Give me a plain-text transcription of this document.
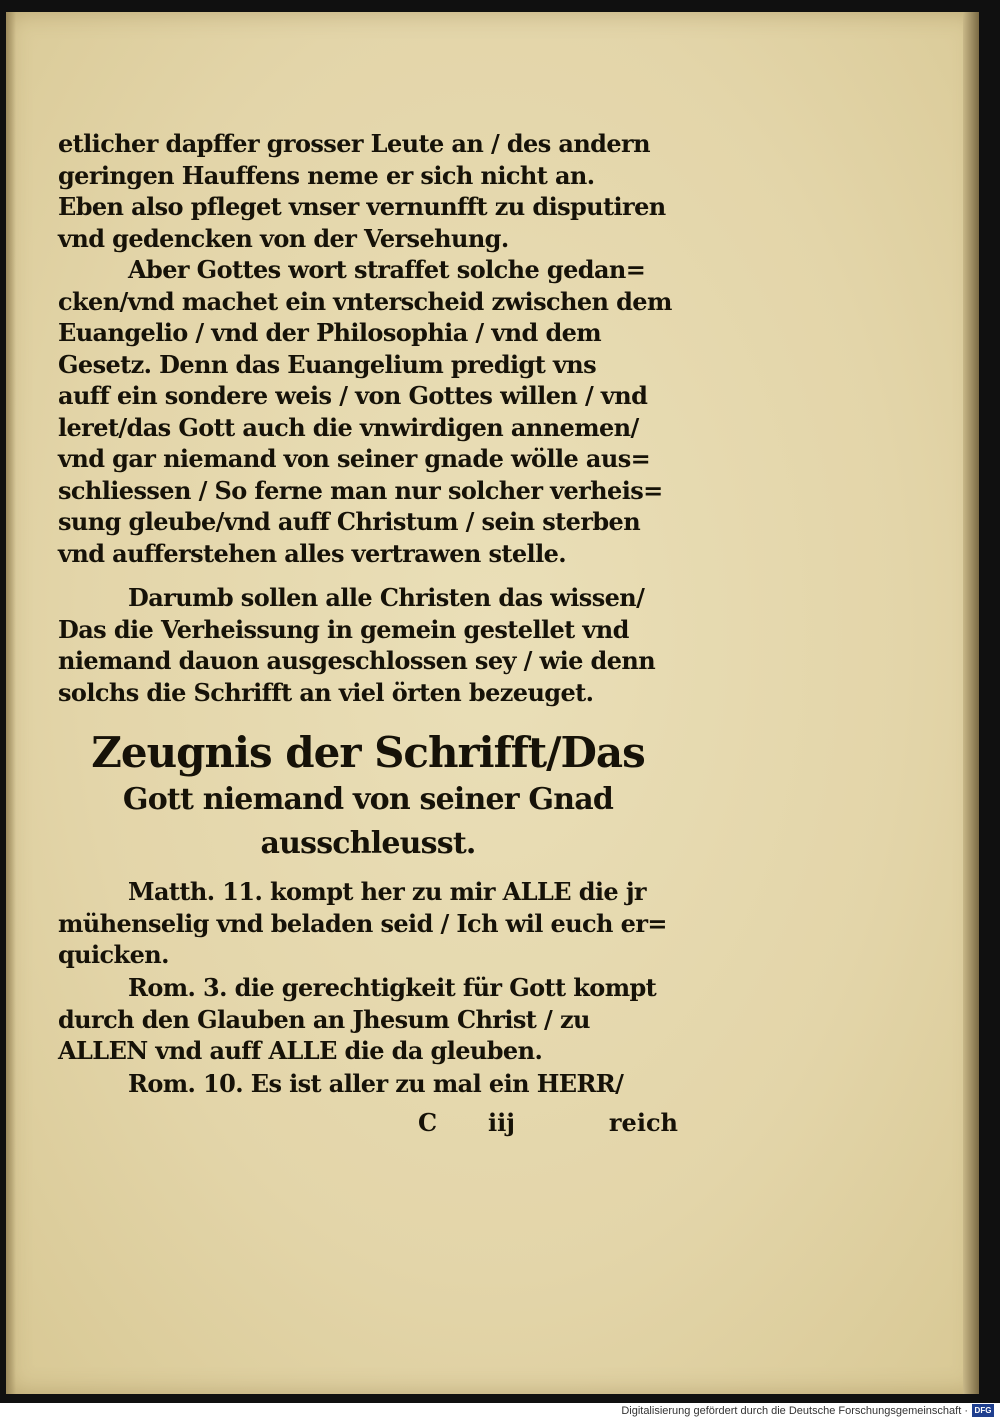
etlicher dapffer grosser Leute an / des andern
geringen Hauffens neme er sich nicht an.
Eben also pfleget vnser vernunfft zu disputiren
vnd gedencken von der Versehung.
Aber Gottes wort straffet solche gedan=
cken/vnd machet ein vnterscheid zwischen dem
Euangelio / vnd der Philosophia / vnd dem
Gesetz. Denn das Euangelium predigt vns
auff ein sondere weis / von Gottes willen / vnd
leret/das Gott auch die vnwirdigen annemen/
vnd gar niemand von seiner gnade wölle aus=
schliessen / So ferne man nur solcher verheis=
sung gleube/vnd auff Christum / sein sterben
vnd aufferstehen alles vertrawen stelle.
Darumb sollen alle Christen das wissen/
Das die Verheissung in gemein gestellet vnd
niemand dauon ausgeschlossen sey / wie denn
solchs die Schrifft an viel örten bezeuget.
Zeugnis der Schrifft/Das
Gott niemand von seiner Gnad
ausschleusst.
Matth. 11. kompt her zu mir ALLE die jr
mühenselig vnd beladen seid / Ich wil euch er=
quicken.
Rom. 3. die gerechtigkeit für Gott kompt
durch den Glauben an Jhesum Christ / zu
ALLEN vnd auff ALLE die da gleuben.
Rom. 10. Es ist aller zu mal ein HERR/
C iij	reich
Digitalisierung gefördert durch die Deutsche Forschungsgemeinschaft · DFG
